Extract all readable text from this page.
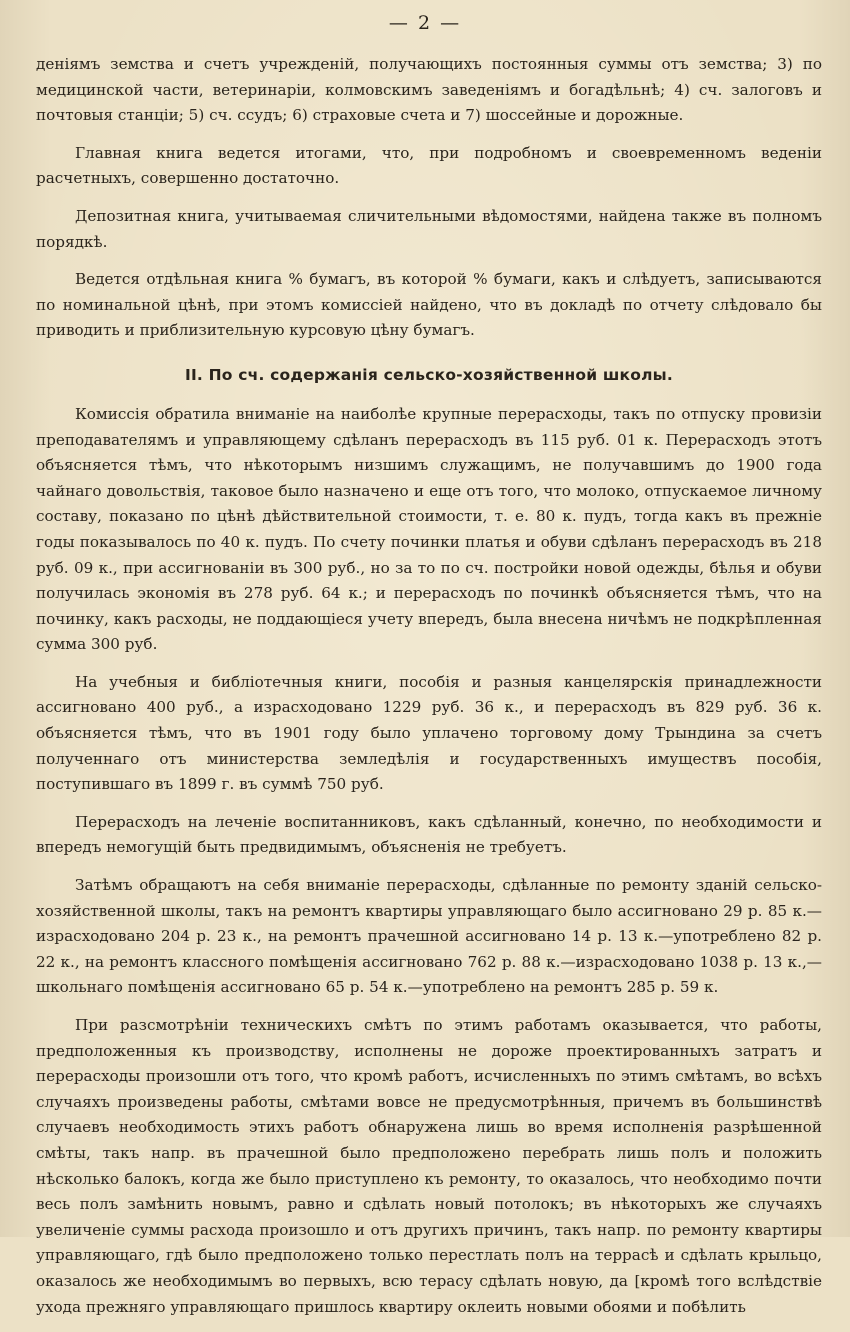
— 2 —

деніямъ земства и счетъ учрежденій, получающихъ постоянныя суммы отъ земства; 3) по медицинской части, ветеринаріи, колмовскимъ заведеніямъ и богадѣльнѣ; 4) сч. залоговъ и почтовыя станціи; 5) сч. ссудъ; 6) страховые счета и 7) шоссейные и дорожные.

Главная книга ведется итогами, что, при подробномъ и своевременномъ веденіи расчетныхъ, совершенно достаточно.

Депозитная книга, учитываемая сличительными вѣдомостями, найдена также въ полномъ порядкѣ.

Ведется отдѣльная книга % бумагъ, въ которой % бумаги, какъ и слѣдуетъ, записываются по номинальной цѣнѣ, при этомъ комиссіей найдено, что въ докладѣ по отчету слѣдовало бы приводить и приблизительную курсовую цѣну бумагъ.

II. По сч. содержанія сельско-хозяйственной школы.

Комиссія обратила вниманіе на наиболѣе крупные перерасходы, такъ по отпуску провизіи преподавателямъ и управляющему сдѣланъ перерасходъ въ 115 руб. 01 к. Перерасходъ этотъ объясняется тѣмъ, что нѣкоторымъ низшимъ служащимъ, не получавшимъ до 1900 года чайнаго довольствія, таковое было назначено и еще отъ того, что молоко, отпускаемое личному составу, показано по цѣнѣ дѣйствительной стоимости, т. е. 80 к. пудъ, тогда какъ въ прежніе годы показывалось по 40 к. пудъ. По счету починки платья и обуви сдѣланъ перерасходъ въ 218 руб. 09 к., при ассигнованіи въ 300 руб., но за то по сч. постройки новой одежды, бѣлья и обуви получилась экономія въ 278 руб. 64 к.; и перерасходъ по починкѣ объясняется тѣмъ, что на починку, какъ расходы, не поддающіеся учету впередъ, была внесена ничѣмъ не подкрѣпленная сумма 300 руб.

На учебныя и библіотечныя книги, пособія и разныя канцелярскія принадлежности ассигновано 400 руб., а израсходовано 1229 руб. 36 к., и перерасходъ въ 829 руб. 36 к. объясняется тѣмъ, что въ 1901 году было уплачено торговому дому Трындина за счетъ полученнаго отъ министерства земледѣлія и государственныхъ имуществъ пособія, поступившаго въ 1899 г. въ суммѣ 750 руб.

Перерасходъ на леченіе воспитанниковъ, какъ сдѣланный, конечно, по необходимости и впередъ немогущій быть предвидимымъ, объясненія не требуетъ.

Затѣмъ обращаютъ на себя вниманіе перерасходы, сдѣланные по ремонту зданій сельско-хозяйственной школы, такъ на ремонтъ квартиры управляющаго было ассигновано 29 р. 85 к.—израсходовано 204 р. 23 к., на ремонтъ прачешной ассигновано 14 р. 13 к.—употреблено 82 р. 22 к., на ремонтъ классного помѣщенія ассигновано 762 р. 88 к.—израсходовано 1038 р. 13 к.,—школьнаго помѣщенія ассигновано 65 р. 54 к.—употреблено на ремонтъ 285 р. 59 к.

При разсмотрѣніи техническихъ смѣтъ по этимъ работамъ оказывается, что работы, предположенныя къ производству, исполнены не дороже проектированныхъ затратъ и перерасходы произошли отъ того, что кромѣ работъ, исчисленныхъ по этимъ смѣтамъ, во всѣхъ случаяхъ произведены работы, смѣтами вовсе не предусмотрѣнныя, причемъ въ большинствѣ случаевъ необходимость этихъ работъ обнаружена лишь во время исполненія разрѣшенной смѣты, такъ напр. въ прачешной было предположено перебрать лишь полъ и положить нѣсколько балокъ, когда же было приступлено къ ремонту, то оказалось, что необходимо почти весь полъ замѣнить новымъ, равно и сдѣлать новый потолокъ; въ нѣкоторыхъ же случаяхъ увеличеніе суммы расхода произошло и отъ другихъ причинъ, такъ напр. по ремонту квартиры управляющаго, гдѣ было предположено только перестлать полъ на террасѣ и сдѣлать крыльцо, оказалось же необходимымъ во первыхъ, всю терасу сдѣлать новую, да [кромѣ того вслѣдствіе ухода прежняго управляющаго пришлось квартиру оклеить новыми обоями и побѣлить
